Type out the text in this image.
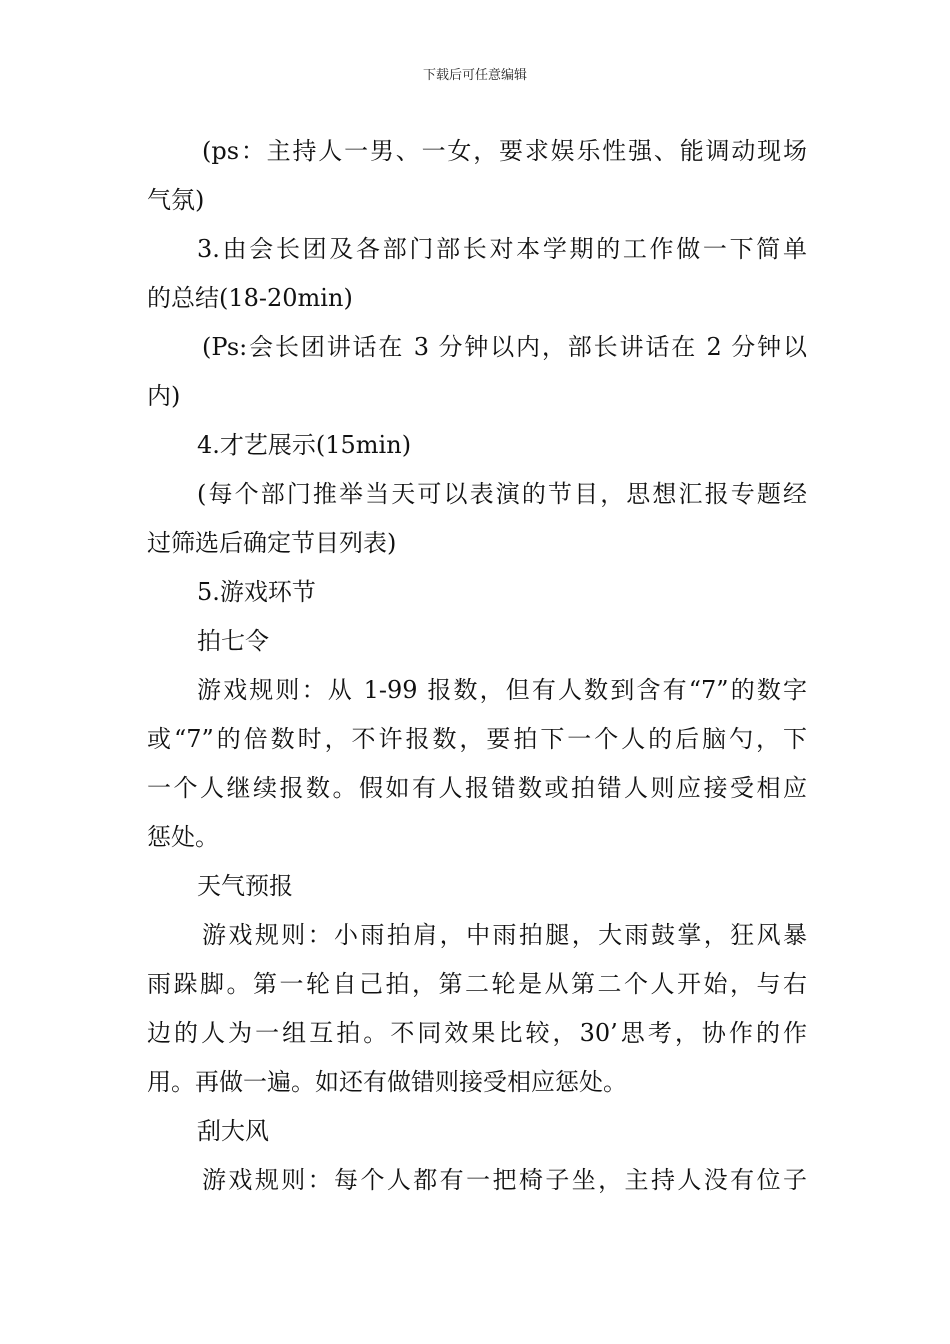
下载后可任意编辑
(ps：主持人一男、一女，要求娱乐性强、能调动现场
气氛)
3.由会长团及各部门部长对本学期的工作做一下简单
的总结(18-20min)
(Ps:会长团讲话在 3 分钟以内，部长讲话在 2 分钟以
内)
4.才艺展示(15min)
(每个部门推举当天可以表演的节目，思想汇报专题经
过筛选后确定节目列表)
5.游戏环节
拍七令
游戏规则：从 1-99 报数，但有人数到含有“7”的数字
或“7”的倍数时，不许报数，要拍下一个人的后脑勺，下
一个人继续报数。假如有人报错数或拍错人则应接受相应
惩处。
天气预报
游戏规则：小雨拍肩，中雨拍腿，大雨鼓掌，狂风暴
雨跺脚。第一轮自己拍，第二轮是从第二个人开始，与右
边的人为一组互拍。不同效果比较，30’思考，协作的作
用。再做一遍。如还有做错则接受相应惩处。
刮大风
游戏规则：每个人都有一把椅子坐，主持人没有位子
